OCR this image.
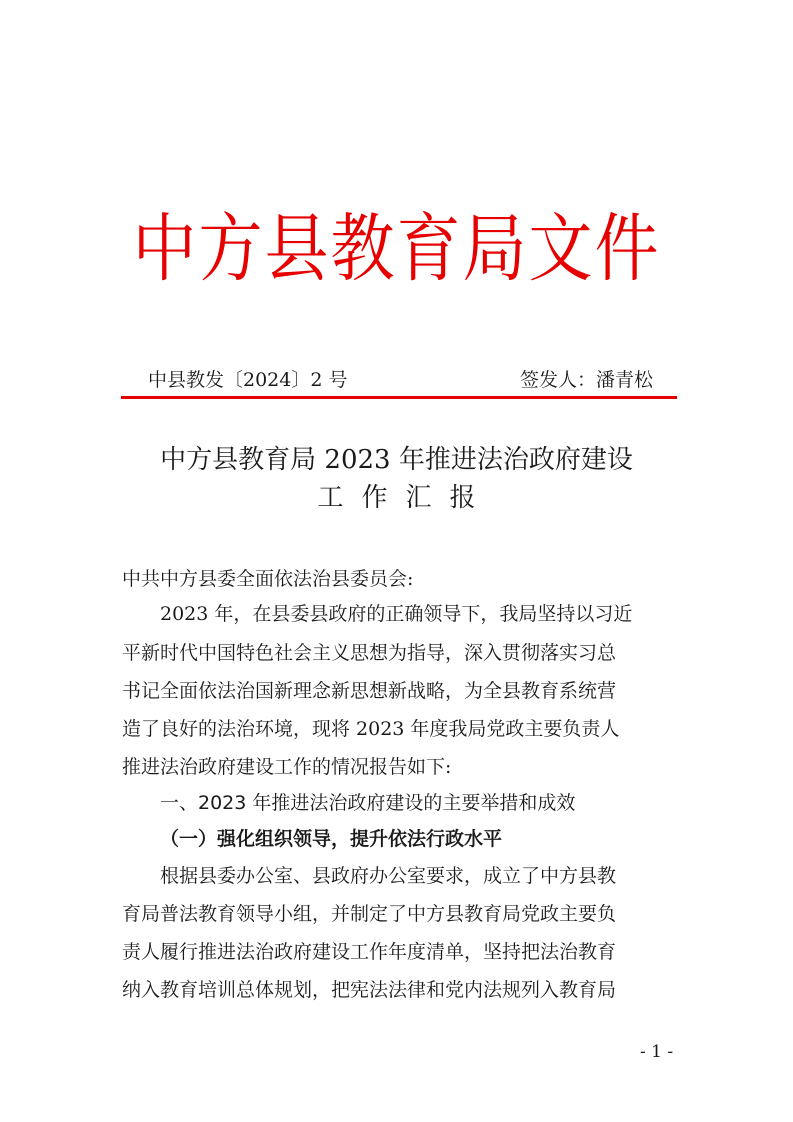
中方县教育局文件
中县教发〔2024〕2 号	签发人：潘青松
中方县教育局 2023 年推进法治政府建设
工作汇报
中共中方县委全面依法治县委员会:
2023 年，在县委县政府的正确领导下，我局坚持以习近
平新时代中国特色社会主义思想为指导，深入贯彻落实习总
书记全面依法治国新理念新思想新战略，为全县教育系统营
造了良好的法治环境，现将 2023 年度我局党政主要负责人
推进法治政府建设工作的情况报告如下:
一、2023 年推进法治政府建设的主要举措和成效
（一）强化组织领导，提升依法行政水平
根据县委办公室、县政府办公室要求，成立了中方县教
育局普法教育领导小组，并制定了中方县教育局党政主要负
责人履行推进法治政府建设工作年度清单，坚持把法治教育
纳入教育培训总体规划，把宪法法律和党内法规列入教育局
- 1 -
